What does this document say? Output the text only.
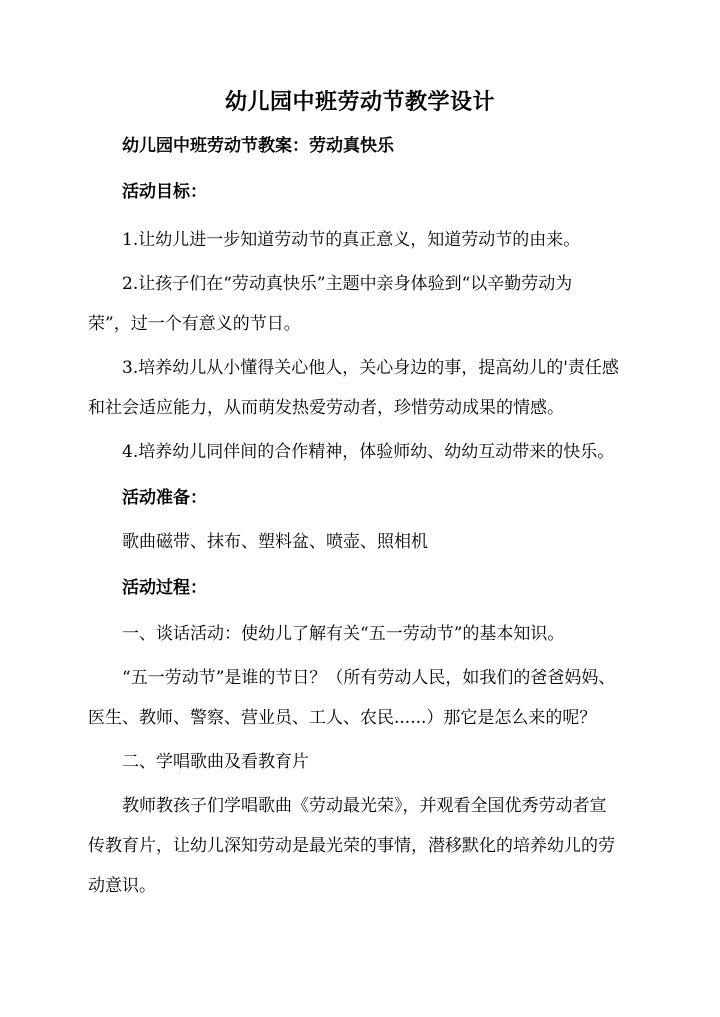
幼儿园中班劳动节教学设计
幼儿园中班劳动节教案：劳动真快乐
活动目标：
1.让幼儿进一步知道劳动节的真正意义，知道劳动节的由来。
2.让孩子们在“劳动真快乐”主题中亲身体验到“以辛勤劳动为
荣”，过一个有意义的节日。
3.培养幼儿从小懂得关心他人，关心身边的事，提高幼儿的'责任感
和社会适应能力，从而萌发热爱劳动者，珍惜劳动成果的情感。
4.培养幼儿同伴间的合作精神，体验师幼、幼幼互动带来的快乐。
活动准备：
歌曲磁带、抹布、塑料盆、喷壶、照相机
活动过程：
一、谈话活动：使幼儿了解有关“五一劳动节”的基本知识。
“五一劳动节”是谁的节日？（所有劳动人民，如我们的爸爸妈妈、
医生、教师、警察、营业员、工人、农民......）那它是怎么来的呢？
二、学唱歌曲及看教育片
教师教孩子们学唱歌曲《劳动最光荣》，并观看全国优秀劳动者宣
传教育片，让幼儿深知劳动是最光荣的事情，潜移默化的培养幼儿的劳
动意识。
